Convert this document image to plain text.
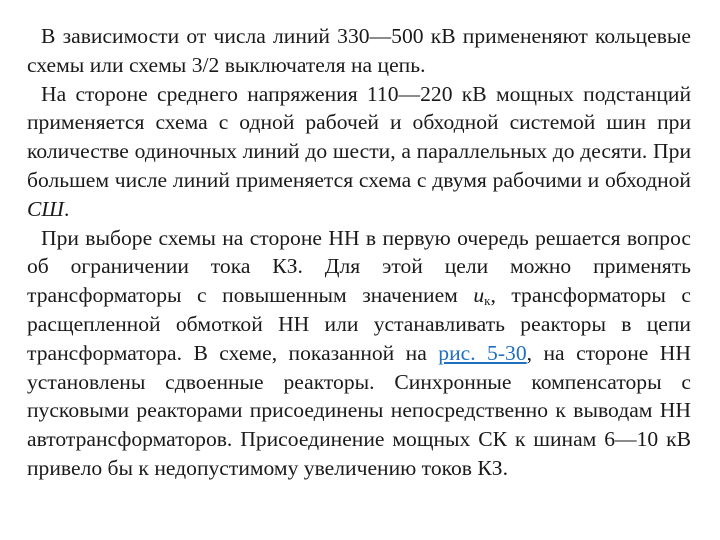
В зависимости от числа линий 330—500 кВ примененяют кольцевые схемы или схемы 3/2 выключателя на цепь.

На стороне среднего напряжения 110—220 кВ мощных подстанций применяется схема с одной рабочей и обходной системой шин при количестве одиночных линий до шести, а параллельных до десяти. При большем числе линий применяется схема с двумя рабочими и обходной СШ.

При выборе схемы на стороне НН в первую очередь решается вопрос об ограничении тока КЗ. Для этой цели можно применять трансформаторы с повышенным значением $u_к$, трансформаторы с расщепленной обмоткой НН или устанавливать реакторы в цепи трансформатора. В схеме, показанной на рис. 5-30, на стороне НН установлены сдвоенные реакторы. Синхронные компенсаторы с пусковыми реакторами присоединены непосредственно к выводам НН автотрансформаторов. Присоединение мощных СК к шинам 6—10 кВ привело бы к недопустимому увеличению токов КЗ.
